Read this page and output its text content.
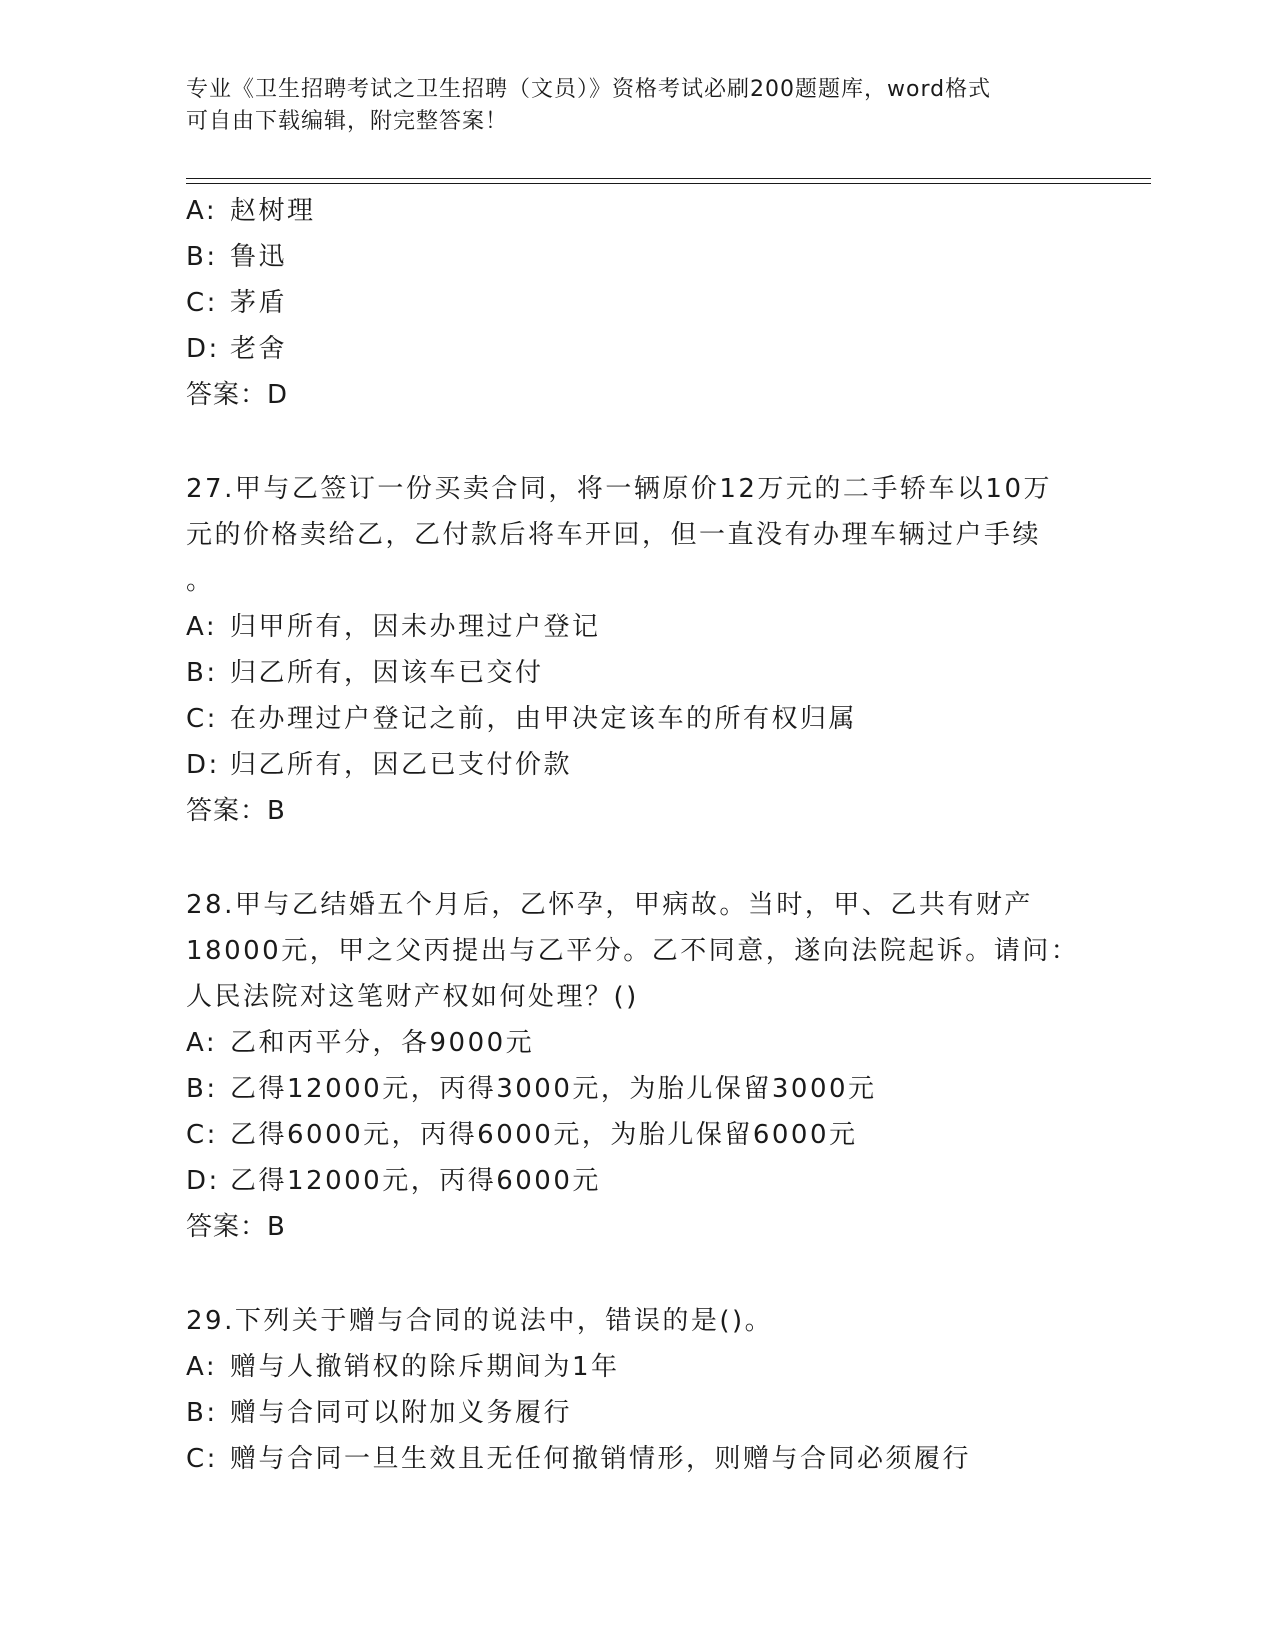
专业《卫生招聘考试之卫生招聘（文员）》资格考试必刷200题题库，word格式
可自由下载编辑，附完整答案！
A: 赵树理
B: 鲁迅
C: 茅盾
D: 老舍
答案：D
27.甲与乙签订一份买卖合同，将一辆原价12万元的二手轿车以10万
元的价格卖给乙，乙付款后将车开回，但一直没有办理车辆过户手续
。
A: 归甲所有，因未办理过户登记
B: 归乙所有，因该车已交付
C: 在办理过户登记之前，由甲决定该车的所有权归属
D: 归乙所有，因乙已支付价款
答案：B
28.甲与乙结婚五个月后，乙怀孕，甲病故。当时，甲、乙共有财产
18000元，甲之父丙提出与乙平分。乙不同意，遂向法院起诉。请问：
人民法院对这笔财产权如何处理？()
A: 乙和丙平分，各9000元
B: 乙得12000元，丙得3000元，为胎儿保留3000元
C: 乙得6000元，丙得6000元，为胎儿保留6000元
D: 乙得12000元，丙得6000元
答案：B
29.下列关于赠与合同的说法中，错误的是()。
A: 赠与人撤销权的除斥期间为1年
B: 赠与合同可以附加义务履行
C: 赠与合同一旦生效且无任何撤销情形，则赠与合同必须履行
